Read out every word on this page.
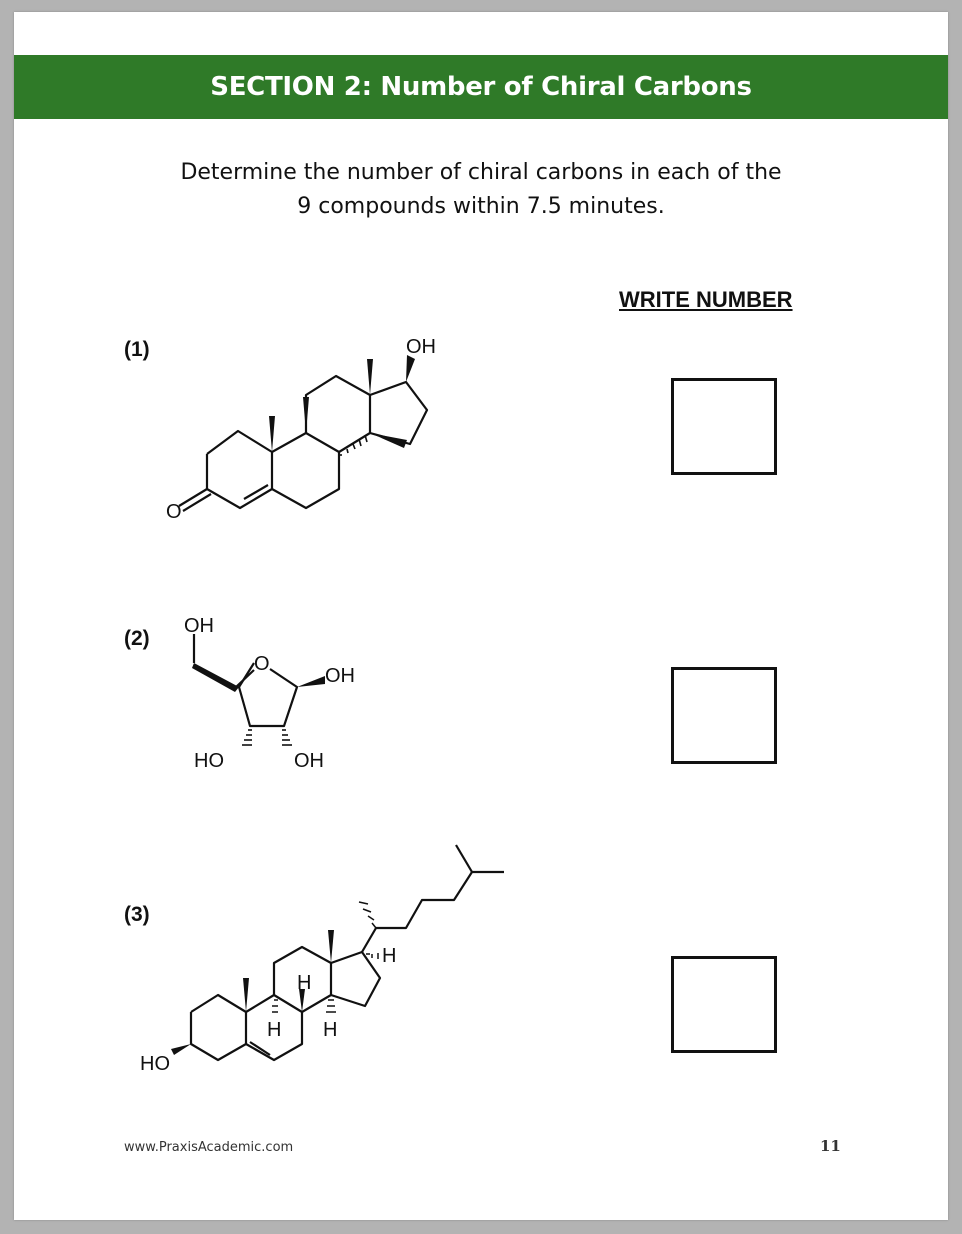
SECTION 2: Number of Chiral Carbons
Determine the number of chiral carbons in each of the
9 compounds within 7.5 minutes.
WRITE NUMBER
(1)	OH
O
(2)
OH
O
OH
HO	OH
(3)
HO
H
H H
H
www.PraxisAcademic.com	11
